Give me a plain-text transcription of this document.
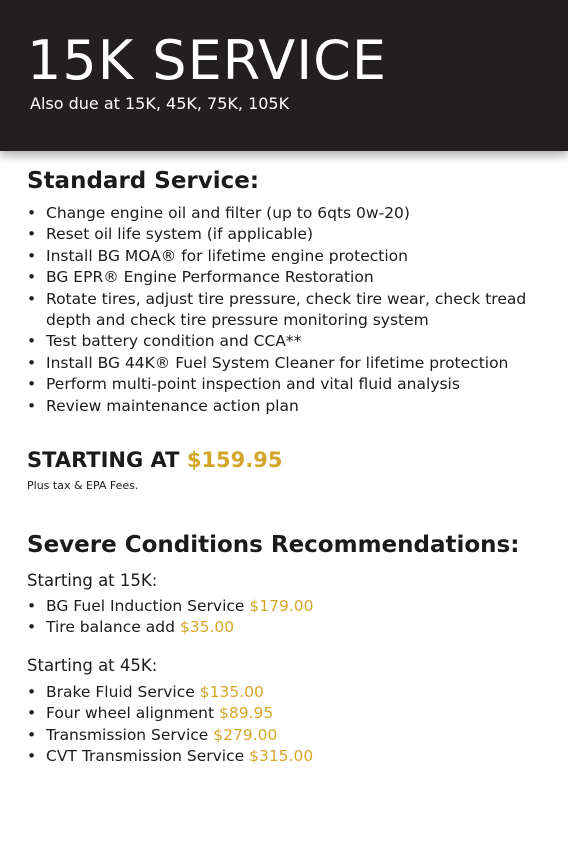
15K SERVICE
Also due at 15K, 45K, 75K, 105K
Standard Service:
• Change engine oil and filter (up to 6qts 0w-20)
• Reset oil life system (if applicable)
• Install BG MOA® for lifetime engine protection
• BG EPR® Engine Performance Restoration
• Rotate tires, adjust tire pressure, check tire wear, check tread
depth and check tire pressure monitoring system
• Test battery condition and CCA**
• Install BG 44K® Fuel System Cleaner for lifetime protection
• Perform multi-point inspection and vital fluid analysis
• Review maintenance action plan
STARTING AT $159.95
Plus tax & EPA Fees.
Severe Conditions Recommendations:
Starting at 15K:
• BG Fuel Induction Service $179.00
• Tire balance add $35.00
Starting at 45K:
• Brake Fluid Service $135.00
• Four wheel alignment $89.95
• Transmission Service $279.00
• CVT Transmission Service $315.00
